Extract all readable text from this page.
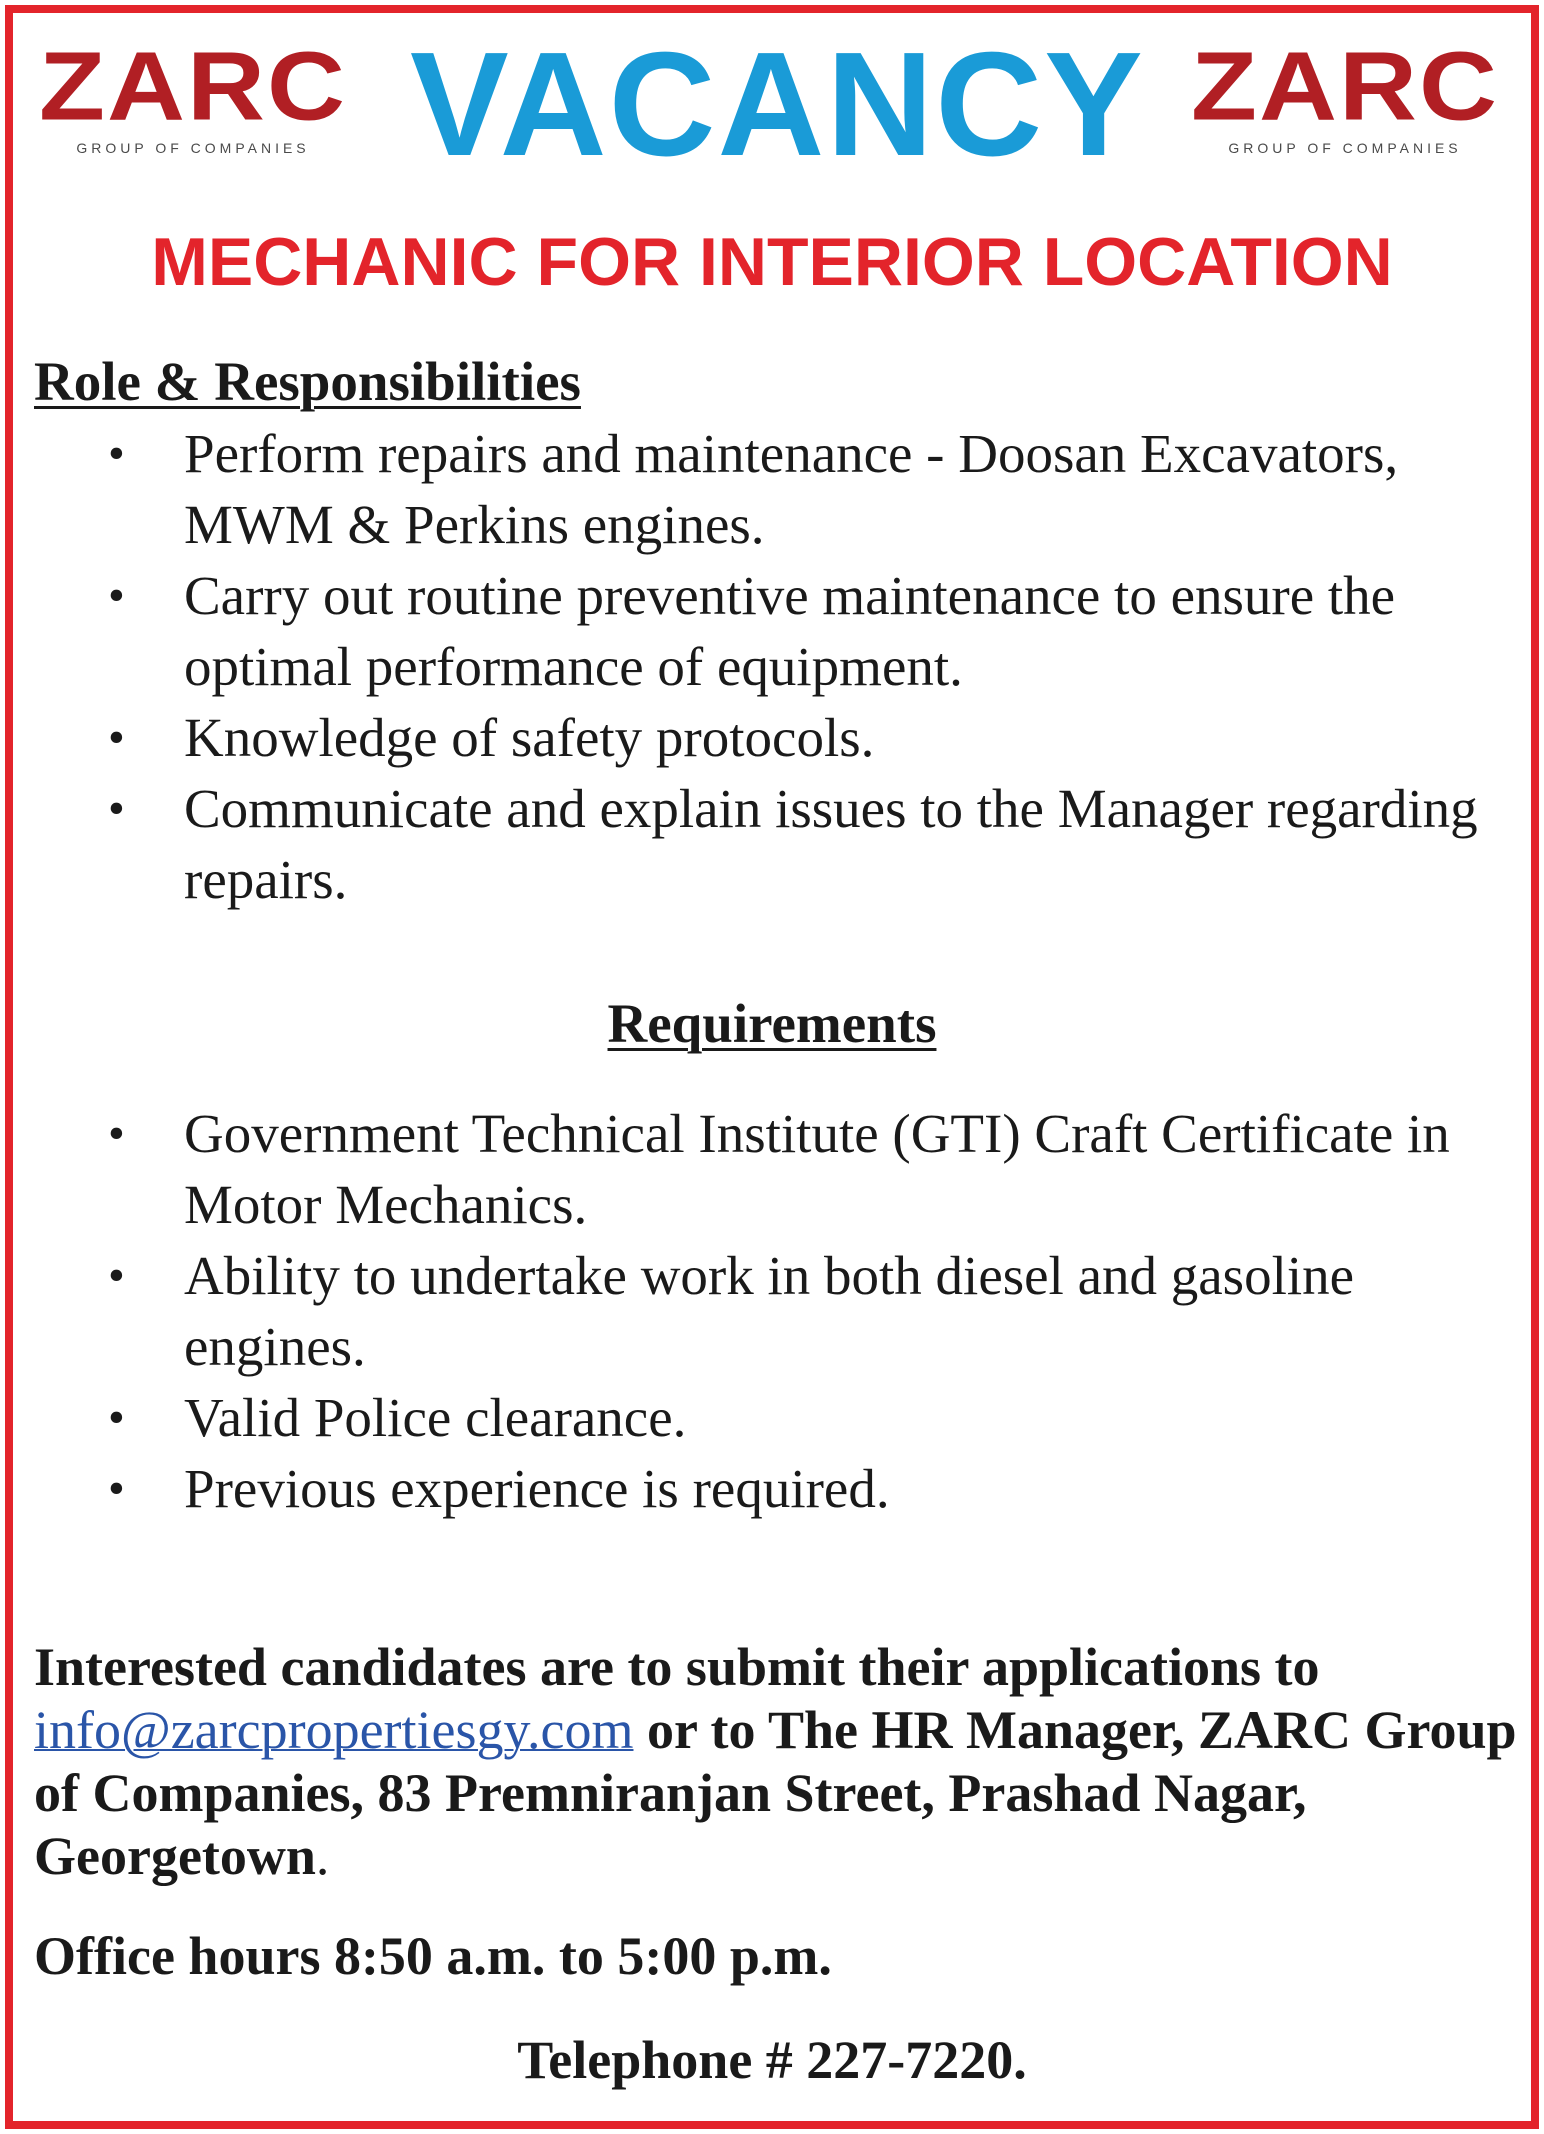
ZARC
GROUP OF COMPANIES VACANCY ZARC
GROUP OF COMPANIES
MECHANIC FOR INTERIOR LOCATION
Role & Responsibilities
• Perform repairs and maintenance - Doosan Excavators, MWM & Perkins engines.
• Carry out routine preventive maintenance to ensure the optimal performance of equipment.
• Knowledge of safety protocols.
• Communicate and explain issues to the Manager regarding repairs.
Requirements
• Government Technical Institute (GTI) Craft Certificate in Motor Mechanics.
• Ability to undertake work in both diesel and gasoline engines.
• Valid Police clearance.
• Previous experience is required.
Interested candidates are to submit their applications to info@zarcpropertiesgy.com or to The HR Manager, ZARC Group of Companies, 83 Premniranjan Street, Prashad Nagar, Georgetown.
Office hours 8:50 a.m. to 5:00 p.m.
Telephone # 227-7220.
